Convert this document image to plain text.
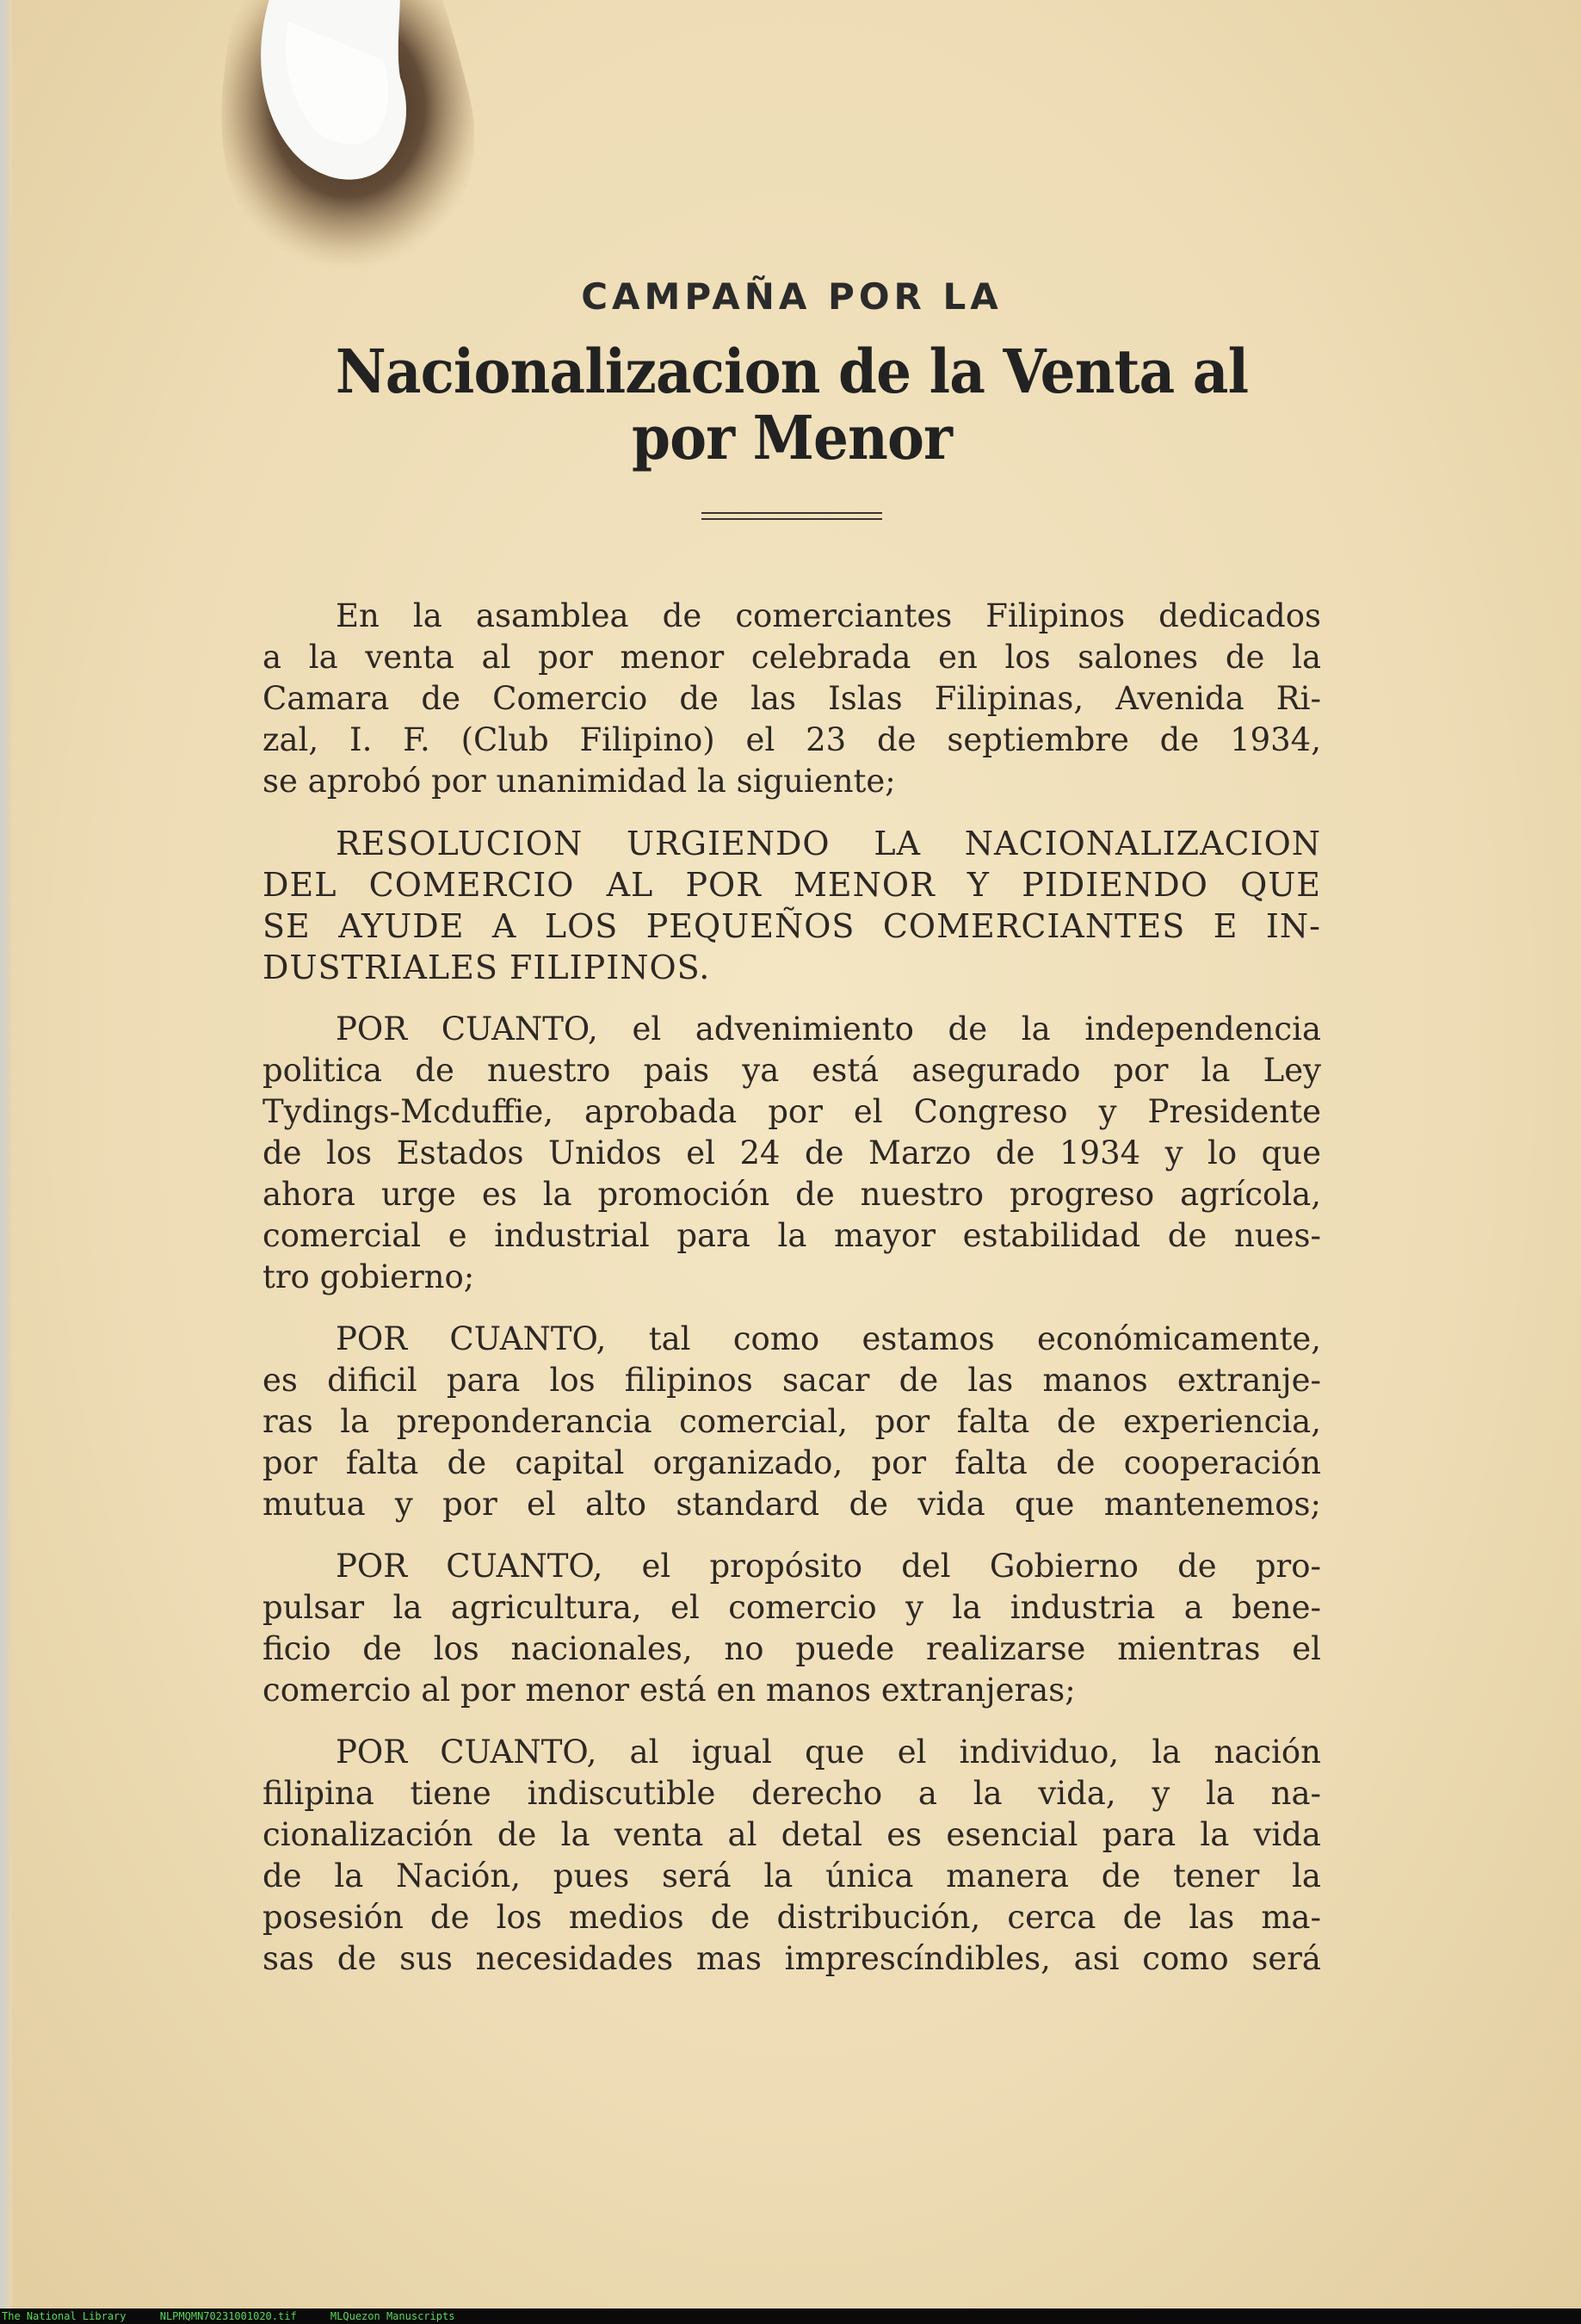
CAMPAÑA POR LA
Nacionalizacion de la Venta al por Menor
En la asamblea de comerciantes Filipinos dedicados
a la venta al por menor celebrada en los salones de la
Camara de Comercio de las Islas Filipinas, Avenida Ri-
zal, I. F. (Club Filipino) el 23 de septiembre de 1934,
se aprobó por unanimidad la siguiente;
RESOLUCION URGIENDO LA NACIONALIZACION
DEL COMERCIO AL POR MENOR Y PIDIENDO QUE
SE AYUDE A LOS PEQUEÑOS COMERCIANTES E IN-
DUSTRIALES FILIPINOS.
POR CUANTO, el advenimiento de la independencia
politica de nuestro pais ya está asegurado por la Ley
Tydings-Mcduffie, aprobada por el Congreso y Presidente
de los Estados Unidos el 24 de Marzo de 1934 y lo que
ahora urge es la promoción de nuestro progreso agrícola,
comercial e industrial para la mayor estabilidad de nues-
tro gobierno;
POR CUANTO, tal como estamos económicamente,
es dificil para los filipinos sacar de las manos extranje-
ras la preponderancia comercial, por falta de experiencia,
por falta de capital organizado, por falta de cooperación
mutua y por el alto standard de vida que mantenemos;
POR CUANTO, el propósito del Gobierno de pro-
pulsar la agricultura, el comercio y la industria a bene-
ficio de los nacionales, no puede realizarse mientras el
comercio al por menor está en manos extranjeras;
POR CUANTO, al igual que el individuo, la nación
filipina tiene indiscutible derecho a la vida, y la na-
cionalización de la venta al detal es esencial para la vida
de la Nación, pues será la única manera de tener la
posesión de los medios de distribución, cerca de las ma-
sas de sus necesidades mas imprescíndibles, asi como será
The National Library	NLPMQMN70231001020.tif	MLQuezon Manuscripts
